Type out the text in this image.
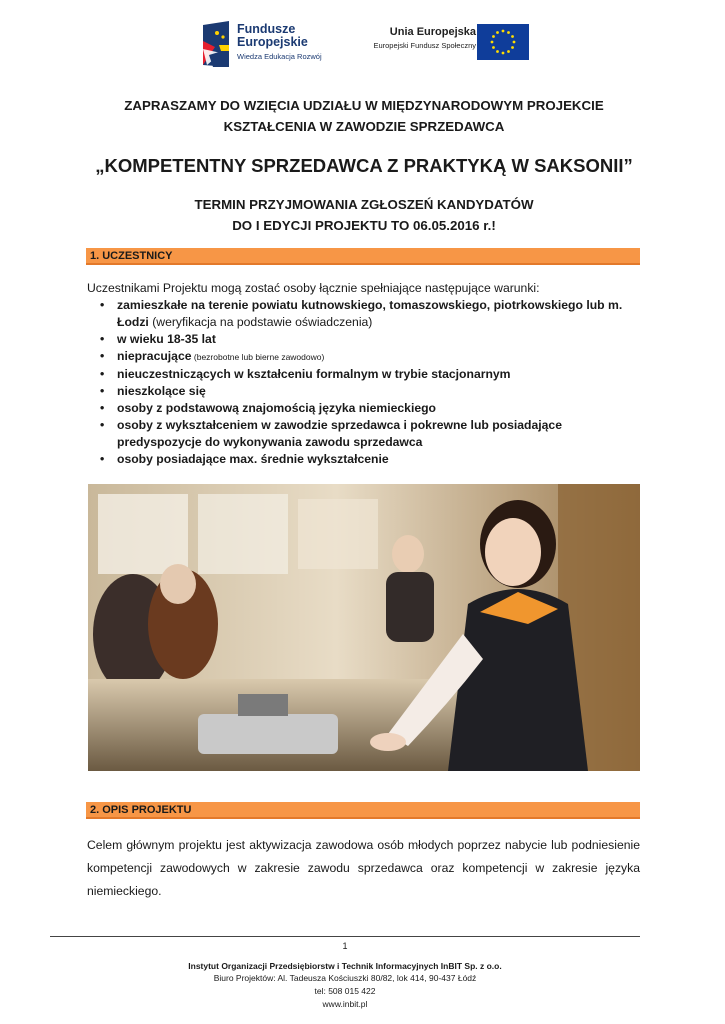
Fundusze
Europejskie
Wiedza Edukacja Rozwój
Unia Europejska
Europejski Fundusz Społeczny
ZAPRASZAMY DO WZIĘCIA UDZIAŁU W MIĘDZYNARODOWYM PROJEKCIE
KSZTAŁCENIA W ZAWODZIE SPRZEDAWCA
„KOMPETENTNY SPRZEDAWCA Z PRAKTYKĄ W SAKSONII”
TERMIN PRZYJMOWANIA ZGŁOSZEŃ KANDYDATÓW
DO I EDYCJI PROJEKTU TO 06.05.2016 r.!
1. UCZESTNICY
Uczestnikami Projektu mogą zostać osoby łącznie spełniające następujące warunki:
• zamieszkałe na terenie powiatu kutnowskiego, tomaszowskiego, piotrkowskiego lub m. Łodzi (weryfikacja na podstawie oświadczenia)
• w wieku 18-35 lat
• niepracujące (bezrobotne lub bierne zawodowo)
• nieuczestniczących w kształceniu formalnym w trybie stacjonarnym
• nieszkolące się
• osoby z podstawową znajomością języka niemieckiego
• osoby z wykształceniem w zawodzie sprzedawca i pokrewne lub posiadające predyspozycje do wykonywania zawodu sprzedawca
• osoby posiadające max. średnie wykształcenie
2. OPIS PROJEKTU
Celem głównym projektu jest aktywizacja zawodowa osób młodych poprzez nabycie lub podniesienie kompetencji zawodowych w zakresie zawodu sprzedawca oraz kompetencji w zakresie języka niemieckiego.
1
Instytut Organizacji Przedsiębiorstw i Technik Informacyjnych InBIT Sp. z o.o.
Biuro Projektów: Al. Tadeusza Kościuszki 80/82, lok 414, 90-437 Łódź
tel: 508 015 422
www.inbit.pl
